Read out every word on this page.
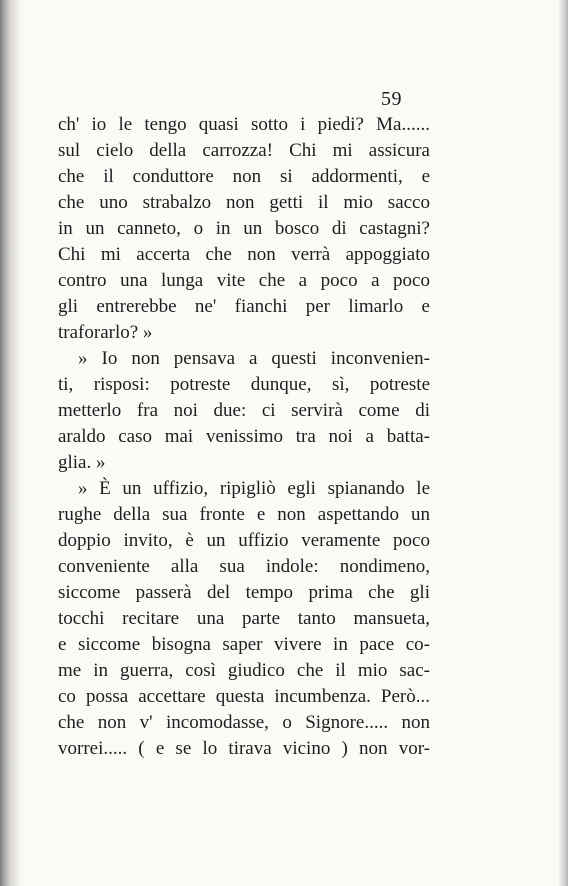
59
ch' io le tengo quasi sotto i piedi? Ma......
sul cielo della carrozza! Chi mi assicura
che il conduttore non si addormenti, e
che uno strabalzo non getti il mio sacco
in un canneto, o in un bosco di castagni?
Chi mi accerta che non verrà appoggiato
contro una lunga vite che a poco a poco
gli entrerebbe ne' fianchi per limarlo e
traforarlo? »
» Io non pensava a questi inconvenien-
ti, risposi: potreste dunque, sì, potreste
metterlo fra noi due: ci servirà come di
araldo caso mai venissimo tra noi a batta-
glia. »
» È un uffizio, ripigliò egli spianando le
rughe della sua fronte e non aspettando un
doppio invito, è un uffizio veramente poco
conveniente alla sua indole: nondimeno,
siccome passerà del tempo prima che gli
tocchi recitare una parte tanto mansueta,
e siccome bisogna saper vivere in pace co-
me in guerra, così giudico che il mio sac-
co possa accettare questa incumbenza. Però...
che non v' incomodasse, o Signore..... non
vorrei..... ( e se lo tirava vicino ) non vor-
